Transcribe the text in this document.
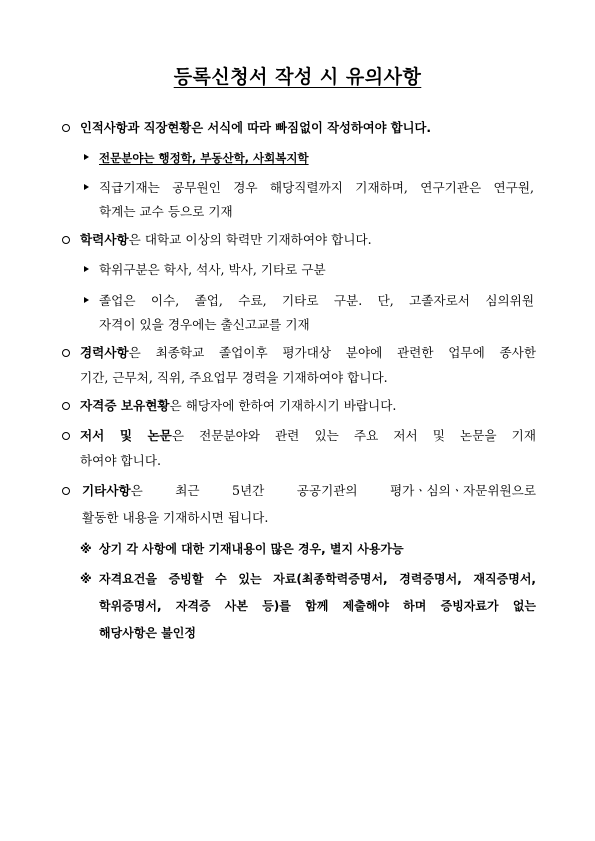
등록신청서 작성 시 유의사항
인적사항과 직장현황은 서식에 따라 빠짐없이 작성하여야 합니다.
전문분야는 행정학, 부동산학, 사회복지학
직급기재는 공무원인 경우 해당직렬까지 기재하며, 연구기관은 연구원,
학계는 교수 등으로 기재
학력사항은 대학교 이상의 학력만 기재하여야 합니다.
학위구분은 학사, 석사, 박사, 기타로 구분
졸업은 이수, 졸업, 수료, 기타로 구분. 단, 고졸자로서 심의위원
자격이 있을 경우에는 출신고교를 기재
경력사항은 최종학교 졸업이후 평가대상 분야에 관련한 업무에 종사한
기간, 근무처, 직위, 주요업무 경력을 기재하여야 합니다.
자격증 보유현황은 해당자에 한하여 기재하시기 바랍니다.
저서 및 논문은 전문분야와 관련 있는 주요 저서 및 논문을 기재
하여야 합니다.
기타사항은 최근 5년간 공공기관의 평가ㆍ심의ㆍ자문위원으로
활동한 내용을 기재하시면 됩니다.
※ 상기 각 사항에 대한 기재내용이 많은 경우, 별지 사용가능
※ 자격요건을 증빙할 수 있는 자료(최종학력증명서, 경력증명서, 재직증명서,
학위증명서, 자격증 사본 등)를 함께 제출해야 하며 증빙자료가 없는
해당사항은 불인정
